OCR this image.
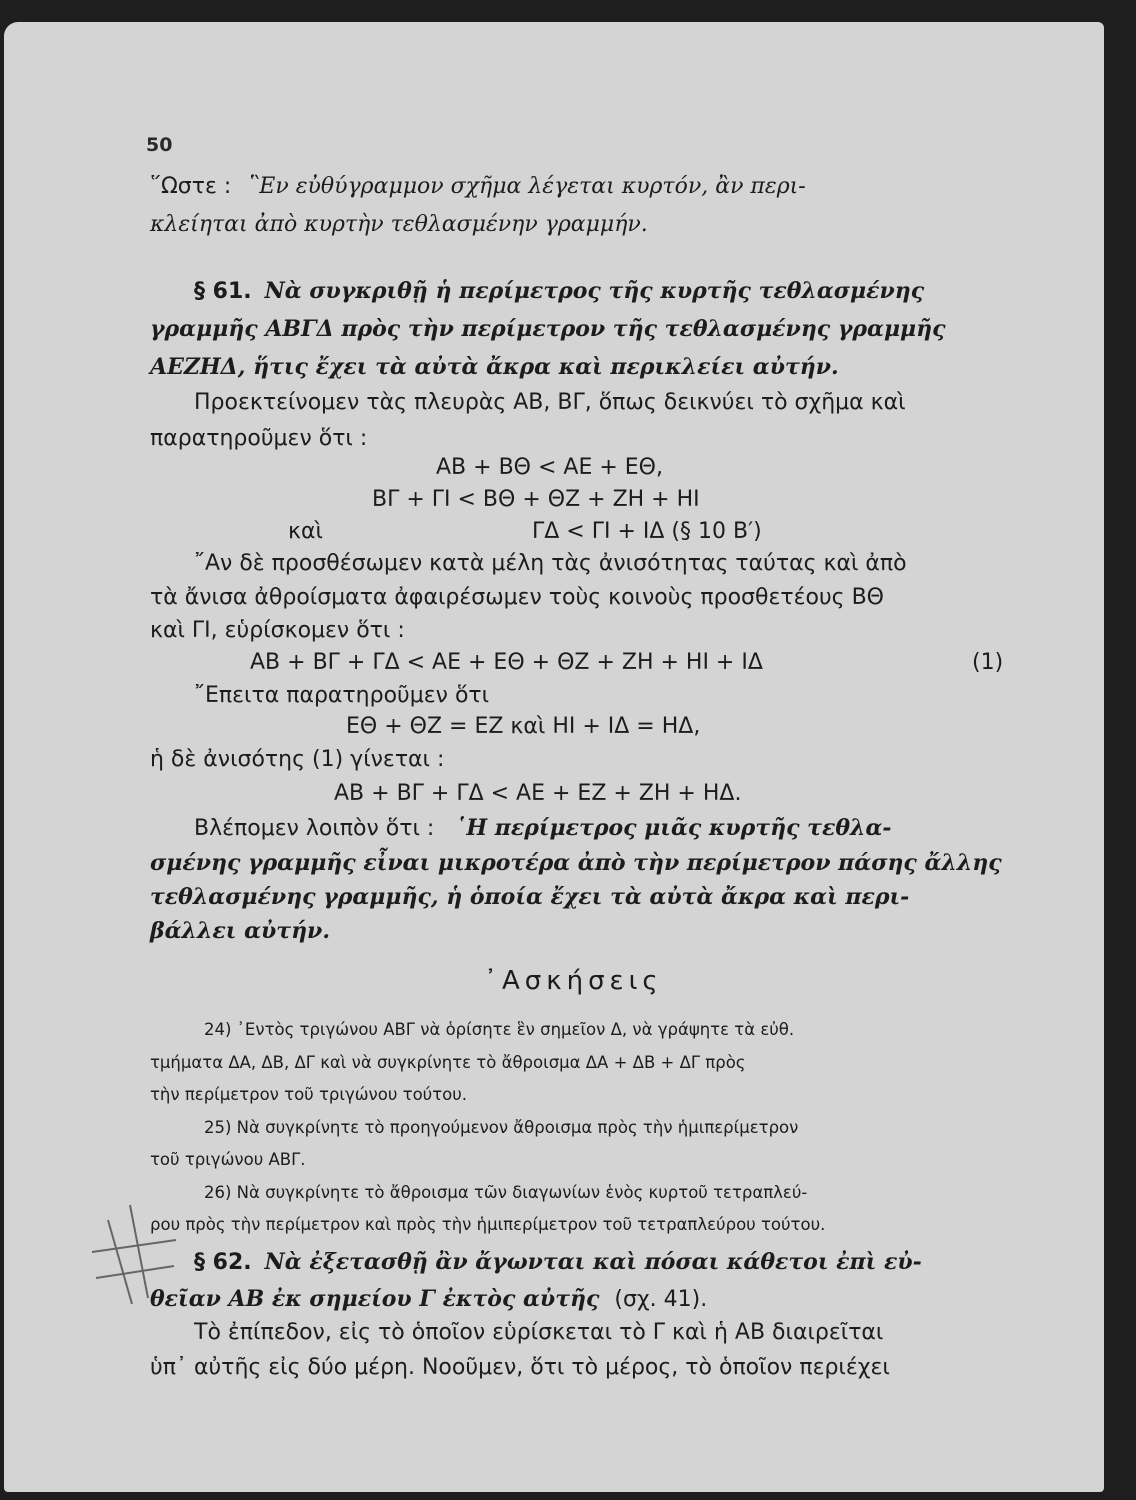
50
῞Ωστε : ῝Εν εὐθύγραμμον σχῆμα λέγεται κυρτόν, ἂν περι-
κλείηται ἀπὸ κυρτὴν τεθλασμένην γραμμήν.
§ 61. Νὰ συγκριθῇ ἡ περίμετρος τῆς κυρτῆς τεθλασμένης
γραμμῆς ΑΒΓΔ πρὸς τὴν περίμετρον τῆς τεθλασμένης γραμμῆς
ΑΕΖΗΔ, ἥτις ἔχει τὰ αὐτὰ ἄκρα καὶ περικλείει αὐτήν.
Προεκτείνομεν τὰς πλευρὰς ΑΒ, ΒΓ, ὅπως δεικνύει τὸ σχῆμα καὶ
παρατηροῦμεν ὅτι :
ΑΒ + ΒΘ < ΑΕ + ΕΘ,
ΒΓ + ΓΙ < ΒΘ + ΘΖ + ΖΗ + ΗΙ
καὶ	ΓΔ < ΓΙ + ΙΔ (§ 10 Β′)
῎Αν δὲ προσθέσωμεν κατὰ μέλη τὰς ἀνισότητας ταύτας καὶ ἀπὸ
τὰ ἄνισα ἀθροίσματα ἀφαιρέσωμεν τοὺς κοινοὺς προσθετέους ΒΘ
καὶ ΓΙ, εὑρίσκομεν ὅτι :
ΑΒ + ΒΓ + ΓΔ < ΑΕ + ΕΘ + ΘΖ + ΖΗ + ΗΙ + ΙΔ	(1)
῎Επειτα παρατηροῦμεν ὅτι
ΕΘ + ΘΖ = ΕΖ καὶ ΗΙ + ΙΔ = ΗΔ,
ἡ δὲ ἀνισότης (1) γίνεται :
ΑΒ + ΒΓ + ΓΔ < ΑΕ + ΕΖ + ΖΗ + ΗΔ.
Βλέπομεν λοιπὸν ὅτι : ῾Η περίμετρος μιᾶς κυρτῆς τεθλα-
σμένης γραμμῆς εἶναι μικροτέρα ἀπὸ τὴν περίμετρον πάσης ἄλλης
τεθλασμένης γραμμῆς, ἡ ὁποία ἔχει τὰ αὐτὰ ἄκρα καὶ περι-
βάλλει αὐτήν.
᾿Ασκήσεις
24) ᾿Εντὸς τριγώνου ΑΒΓ νὰ ὁρίσητε ἓν σημεῖον Δ, νὰ γράψητε τὰ εὐθ.
τμήματα ΔΑ, ΔΒ, ΔΓ καὶ νὰ συγκρίνητε τὸ ἄθροισμα ΔΑ + ΔΒ + ΔΓ πρὸς
τὴν περίμετρον τοῦ τριγώνου τούτου.
25) Νὰ συγκρίνητε τὸ προηγούμενον ἄθροισμα πρὸς τὴν ἡμιπερίμετρον
τοῦ τριγώνου ΑΒΓ.
26) Νὰ συγκρίνητε τὸ ἄθροισμα τῶν διαγωνίων ἑνὸς κυρτοῦ τετραπλεύ-
ρου πρὸς τὴν περίμετρον καὶ πρὸς τὴν ἡμιπερίμετρον τοῦ τετραπλεύρου τούτου.
§ 62. Νὰ ἐξετασθῇ ἂν ἄγωνται καὶ πόσαι κάθετοι ἐπὶ εὐ-
θεῖαν ΑΒ ἐκ σημείου Γ ἐκτὸς αὐτῆς (σχ. 41).
Τὸ ἐπίπεδον, εἰς τὸ ὁποῖον εὑρίσκεται τὸ Γ καὶ ἡ ΑΒ διαιρεῖται
ὑπ᾿ αὐτῆς εἰς δύο μέρη. Νοοῦμεν, ὅτι τὸ μέρος, τὸ ὁποῖον περιέχει
